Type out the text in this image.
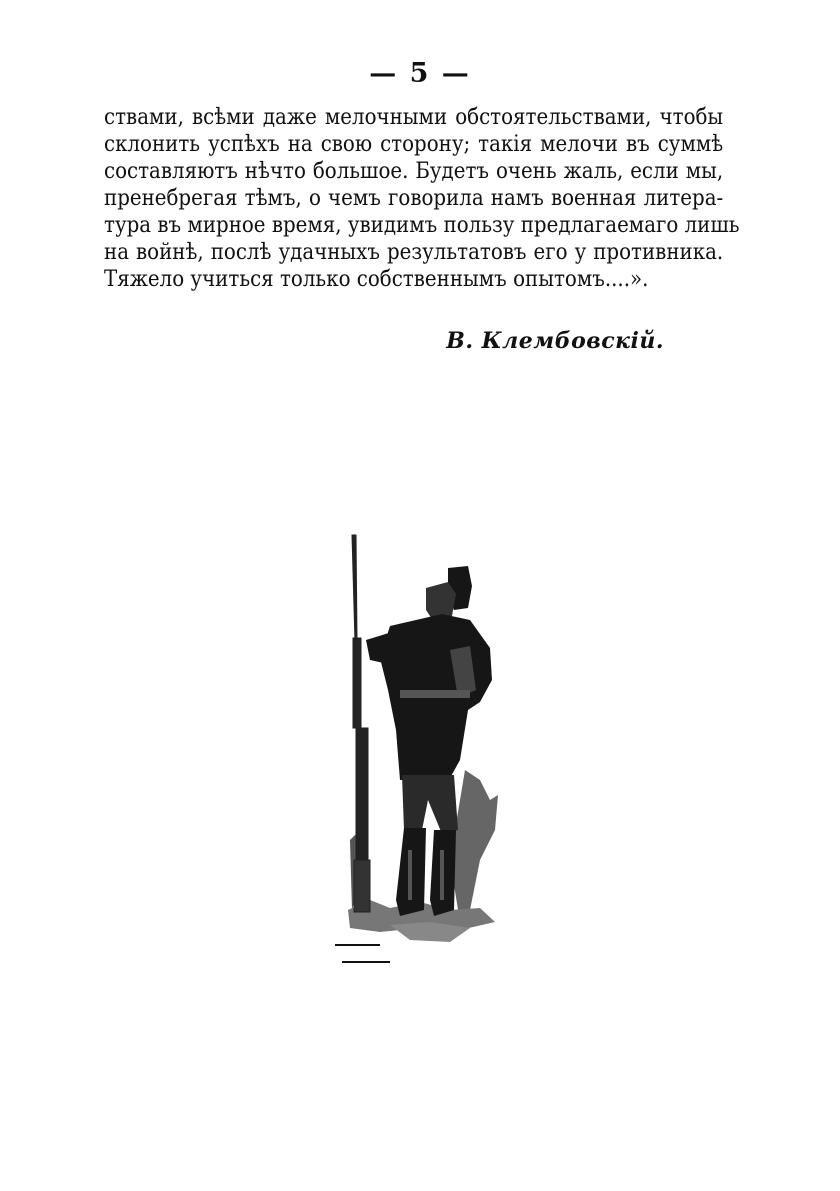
— 5 —
ствами, всѣми даже мелочными обстоятельствами, чтобы
склонить успѣхъ на свою сторону; такія мелочи въ суммѣ
составляютъ нѣчто большое. Будетъ очень жаль, если мы,
пренебрегая тѣмъ, о чемъ говорила намъ военная литера-
тура въ мирное время, увидимъ пользу предлагаемаго лишь
на войнѣ, послѣ удачныхъ результатовъ его у противника.
Тяжело учиться только собственнымъ опытомъ....».
В. Клембовскій.
